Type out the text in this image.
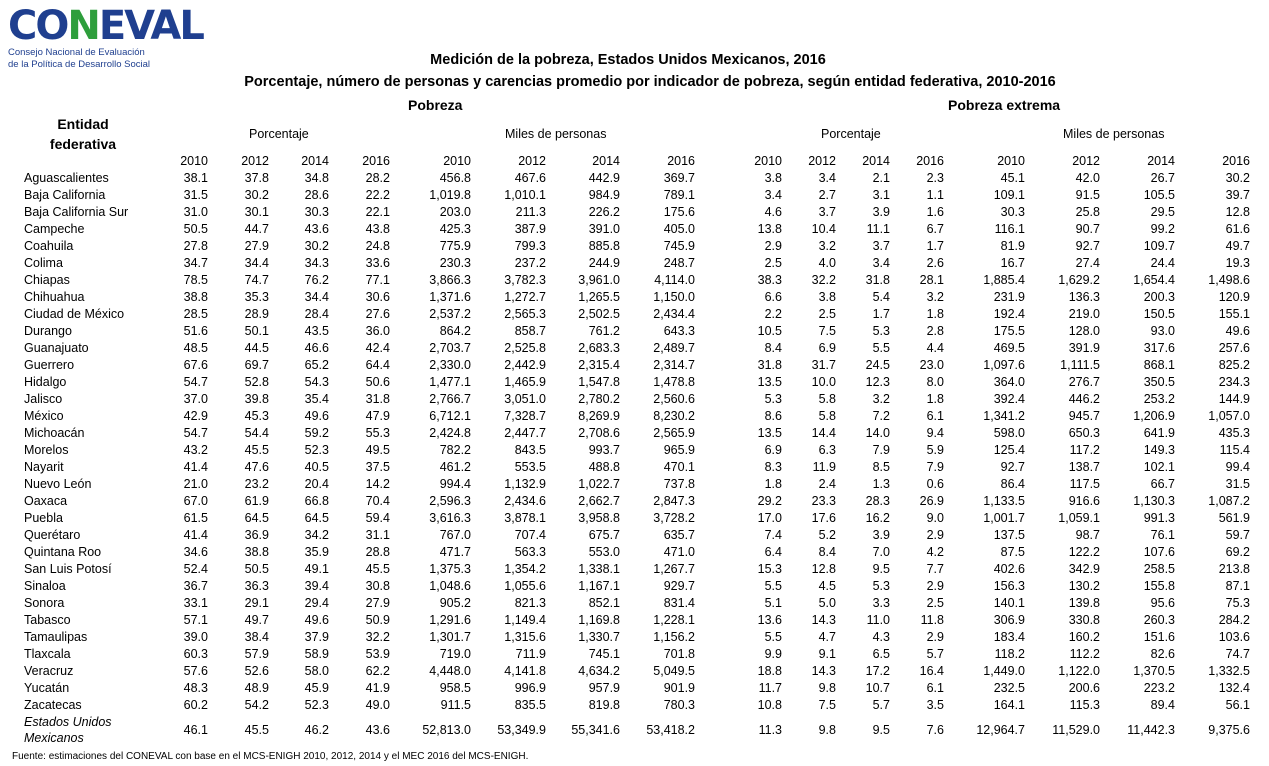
CONEVAL
Consejo Nacional de Evaluación
de la Política de Desarrollo Social	Medición de la pobreza, Estados Unidos Mexicanos, 2016
Porcentaje, número de personas y carencias promedio por indicador de pobreza, según entidad federativa, 2010-2016
Pobreza	Pobreza extrema
Porcentaje	Miles de personas	Porcentaje	Miles de personas
Entidad
federativa
	2010	2012	2014	2016	2010	2012	2014	2016	2010	2012	2014	2016	2010	2012	2014	2016
Aguascalientes	38.1	37.8	34.8	28.2	456.8	467.6	442.9	369.7	3.8	3.4	2.1	2.3	45.1	42.0	26.7	30.2
Baja California	31.5	30.2	28.6	22.2	1,019.8	1,010.1	984.9	789.1	3.4	2.7	3.1	1.1	109.1	91.5	105.5	39.7
Baja California Sur	31.0	30.1	30.3	22.1	203.0	211.3	226.2	175.6	4.6	3.7	3.9	1.6	30.3	25.8	29.5	12.8
Campeche	50.5	44.7	43.6	43.8	425.3	387.9	391.0	405.0	13.8	10.4	11.1	6.7	116.1	90.7	99.2	61.6
Coahuila	27.8	27.9	30.2	24.8	775.9	799.3	885.8	745.9	2.9	3.2	3.7	1.7	81.9	92.7	109.7	49.7
Colima	34.7	34.4	34.3	33.6	230.3	237.2	244.9	248.7	2.5	4.0	3.4	2.6	16.7	27.4	24.4	19.3
Chiapas	78.5	74.7	76.2	77.1	3,866.3	3,782.3	3,961.0	4,114.0	38.3	32.2	31.8	28.1	1,885.4	1,629.2	1,654.4	1,498.6
Chihuahua	38.8	35.3	34.4	30.6	1,371.6	1,272.7	1,265.5	1,150.0	6.6	3.8	5.4	3.2	231.9	136.3	200.3	120.9
Ciudad de México	28.5	28.9	28.4	27.6	2,537.2	2,565.3	2,502.5	2,434.4	2.2	2.5	1.7	1.8	192.4	219.0	150.5	155.1
Durango	51.6	50.1	43.5	36.0	864.2	858.7	761.2	643.3	10.5	7.5	5.3	2.8	175.5	128.0	93.0	49.6
Guanajuato	48.5	44.5	46.6	42.4	2,703.7	2,525.8	2,683.3	2,489.7	8.4	6.9	5.5	4.4	469.5	391.9	317.6	257.6
Guerrero	67.6	69.7	65.2	64.4	2,330.0	2,442.9	2,315.4	2,314.7	31.8	31.7	24.5	23.0	1,097.6	1,111.5	868.1	825.2
Hidalgo	54.7	52.8	54.3	50.6	1,477.1	1,465.9	1,547.8	1,478.8	13.5	10.0	12.3	8.0	364.0	276.7	350.5	234.3
Jalisco	37.0	39.8	35.4	31.8	2,766.7	3,051.0	2,780.2	2,560.6	5.3	5.8	3.2	1.8	392.4	446.2	253.2	144.9
México	42.9	45.3	49.6	47.9	6,712.1	7,328.7	8,269.9	8,230.2	8.6	5.8	7.2	6.1	1,341.2	945.7	1,206.9	1,057.0
Michoacán	54.7	54.4	59.2	55.3	2,424.8	2,447.7	2,708.6	2,565.9	13.5	14.4	14.0	9.4	598.0	650.3	641.9	435.3
Morelos	43.2	45.5	52.3	49.5	782.2	843.5	993.7	965.9	6.9	6.3	7.9	5.9	125.4	117.2	149.3	115.4
Nayarit	41.4	47.6	40.5	37.5	461.2	553.5	488.8	470.1	8.3	11.9	8.5	7.9	92.7	138.7	102.1	99.4
Nuevo León	21.0	23.2	20.4	14.2	994.4	1,132.9	1,022.7	737.8	1.8	2.4	1.3	0.6	86.4	117.5	66.7	31.5
Oaxaca	67.0	61.9	66.8	70.4	2,596.3	2,434.6	2,662.7	2,847.3	29.2	23.3	28.3	26.9	1,133.5	916.6	1,130.3	1,087.2
Puebla	61.5	64.5	64.5	59.4	3,616.3	3,878.1	3,958.8	3,728.2	17.0	17.6	16.2	9.0	1,001.7	1,059.1	991.3	561.9
Querétaro	41.4	36.9	34.2	31.1	767.0	707.4	675.7	635.7	7.4	5.2	3.9	2.9	137.5	98.7	76.1	59.7
Quintana Roo	34.6	38.8	35.9	28.8	471.7	563.3	553.0	471.0	6.4	8.4	7.0	4.2	87.5	122.2	107.6	69.2
San Luis Potosí	52.4	50.5	49.1	45.5	1,375.3	1,354.2	1,338.1	1,267.7	15.3	12.8	9.5	7.7	402.6	342.9	258.5	213.8
Sinaloa	36.7	36.3	39.4	30.8	1,048.6	1,055.6	1,167.1	929.7	5.5	4.5	5.3	2.9	156.3	130.2	155.8	87.1
Sonora	33.1	29.1	29.4	27.9	905.2	821.3	852.1	831.4	5.1	5.0	3.3	2.5	140.1	139.8	95.6	75.3
Tabasco	57.1	49.7	49.6	50.9	1,291.6	1,149.4	1,169.8	1,228.1	13.6	14.3	11.0	11.8	306.9	330.8	260.3	284.2
Tamaulipas	39.0	38.4	37.9	32.2	1,301.7	1,315.6	1,330.7	1,156.2	5.5	4.7	4.3	2.9	183.4	160.2	151.6	103.6
Tlaxcala	60.3	57.9	58.9	53.9	719.0	711.9	745.1	701.8	9.9	9.1	6.5	5.7	118.2	112.2	82.6	74.7
Veracruz	57.6	52.6	58.0	62.2	4,448.0	4,141.8	4,634.2	5,049.5	18.8	14.3	17.2	16.4	1,449.0	1,122.0	1,370.5	1,332.5
Yucatán	48.3	48.9	45.9	41.9	958.5	996.9	957.9	901.9	11.7	9.8	10.7	6.1	232.5	200.6	223.2	132.4
Zacatecas	60.2	54.2	52.3	49.0	911.5	835.5	819.8	780.3	10.8	7.5	5.7	3.5	164.1	115.3	89.4	56.1

Estados Unidos
Mexicanos	46.1	45.5	46.2	43.6	52,813.0	53,349.9	55,341.6	53,418.2	11.3	9.8	9.5	7.6	12,964.7	11,529.0	11,442.3	9,375.6
Fuente: estimaciones del CONEVAL con base en el MCS-ENIGH 2010, 2012, 2014 y el MEC 2016 del MCS-ENIGH.
